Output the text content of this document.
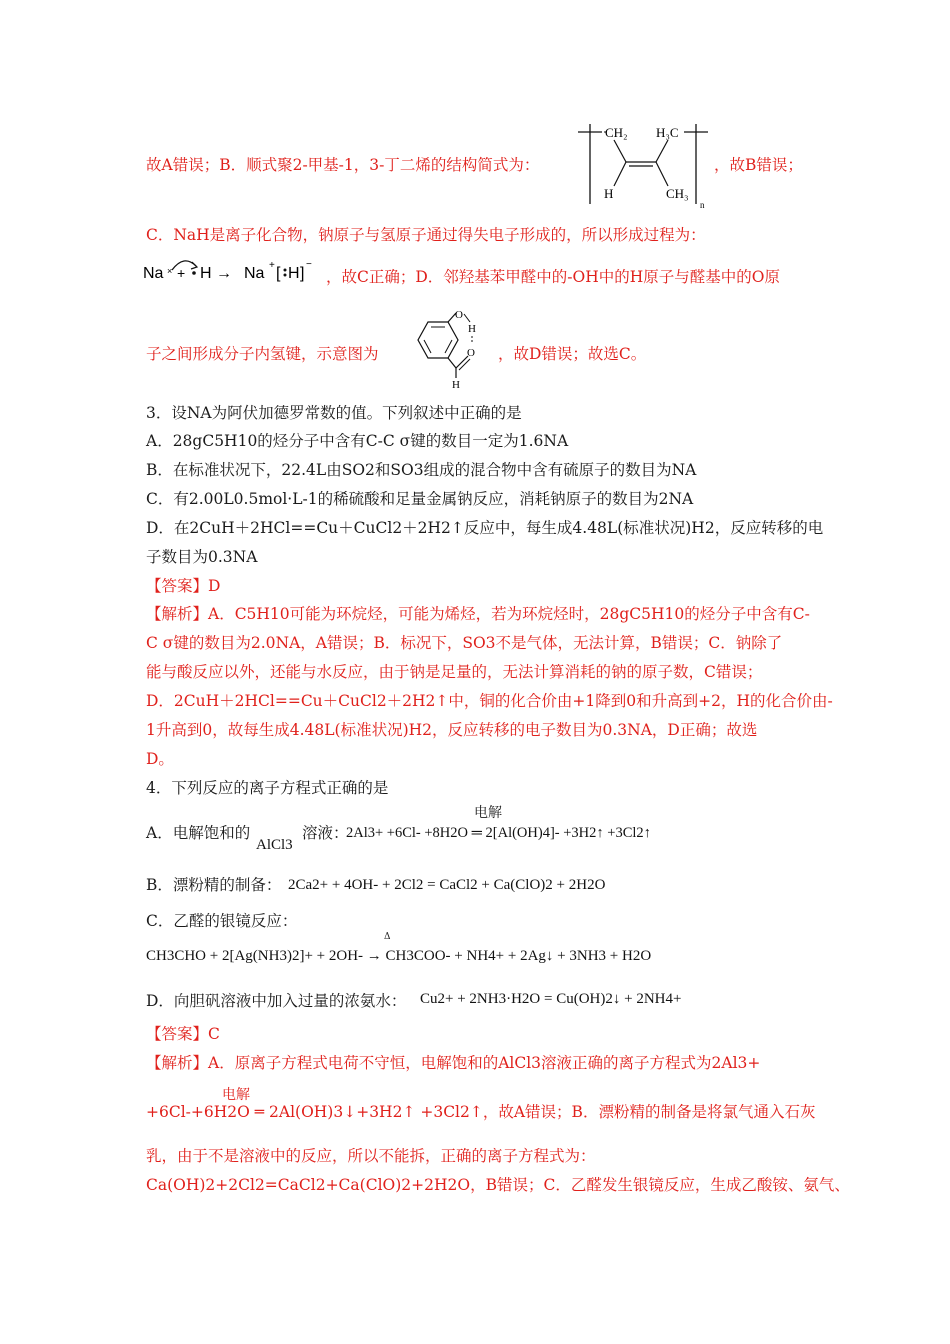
故A错误；B．顺式聚2-甲基-1，3-丁二烯的结构简式为：
CH₂ H₃C
H	CH₃
n
，故B错误；
C．NaH是离子化合物，钠原子与氢原子通过得失电子形成的，所以形成过程为：
Na × + H → Na + [ H ]
−
，故C正确；D．邻羟基苯甲醛中的-OH中的H原子与醛基中的O原
子之间形成分子内氢键，示意图为
O
H
O
H
，故D错误；故选C。
3．设NA为阿伏加德罗常数的值。下列叙述中正确的是
A．28gC5H10的烃分子中含有C-C σ键的数目一定为1.6NA
B．在标准状况下，22.4L由SO2和SO3组成的混合物中含有硫原子的数目为NA
C．有2.00L0.5mol·L-1的稀硫酸和足量金属钠反应，消耗钠原子的数目为2NA
D．在2CuH＋2HCl==Cu＋CuCl2＋2H2↑反应中，每生成4.48L(标准状况)H2，反应转移的电
子数目为0.3NA
【答案】D
【解析】A．C5H10可能为环烷烃，可能为烯烃，若为环烷烃时，28gC5H10的烃分子中含有C-
C σ键的数目为2.0NA，A错误；B．标况下，SO3不是气体，无法计算，B错误；C．钠除了
能与酸反应以外，还能与水反应，由于钠是足量的，无法计算消耗的钠的原子数，C错误；
D．2CuH＋2HCl==Cu＋CuCl2＋2H2↑中，铜的化合价由+1降到0和升高到+2，H的化合价由-
1升高到0，故每生成4.48L(标准状况)H2，反应转移的电子数目为0.3NA，D正确；故选
D。
4．下列反应的离子方程式正确的是
A．电解饱和的
AlCl3
溶液：
电解
2Al3+ +6Cl- +8H2O ═ 2[Al(OH)4]- +3H2↑ +3Cl2↑
B．漂粉精的制备： 2Ca2+ + 4OH- + 2Cl2 = CaCl2 + Ca(ClO)2 + 2H2O
C．乙醛的银镜反应：
Δ
CH3CHO + 2[Ag(NH3)2]+ + 2OH- → CH3COO- + NH4+ + 2Ag↓ + 3NH3 + H2O
D．向胆矾溶液中加入过量的浓氨水： Cu2+ + 2NH3·H2O = Cu(OH)2↓ + 2NH4+
【答案】C
【解析】A．原离子方程式电荷不守恒，电解饱和的AlCl3溶液正确的离子方程式为2Al3+
电解
+6Cl-+6H2O ═ 2Al(OH)3↓+3H2↑ +3Cl2↑，故A错误；B．漂粉精的制备是将氯气通入石灰
乳，由于不是溶液中的反应，所以不能拆，正确的离子方程式为：
Ca(OH)2+2Cl2=CaCl2+Ca(ClO)2+2H2O，B错误；C．乙醛发生银镜反应，生成乙酸铵、氨气、
